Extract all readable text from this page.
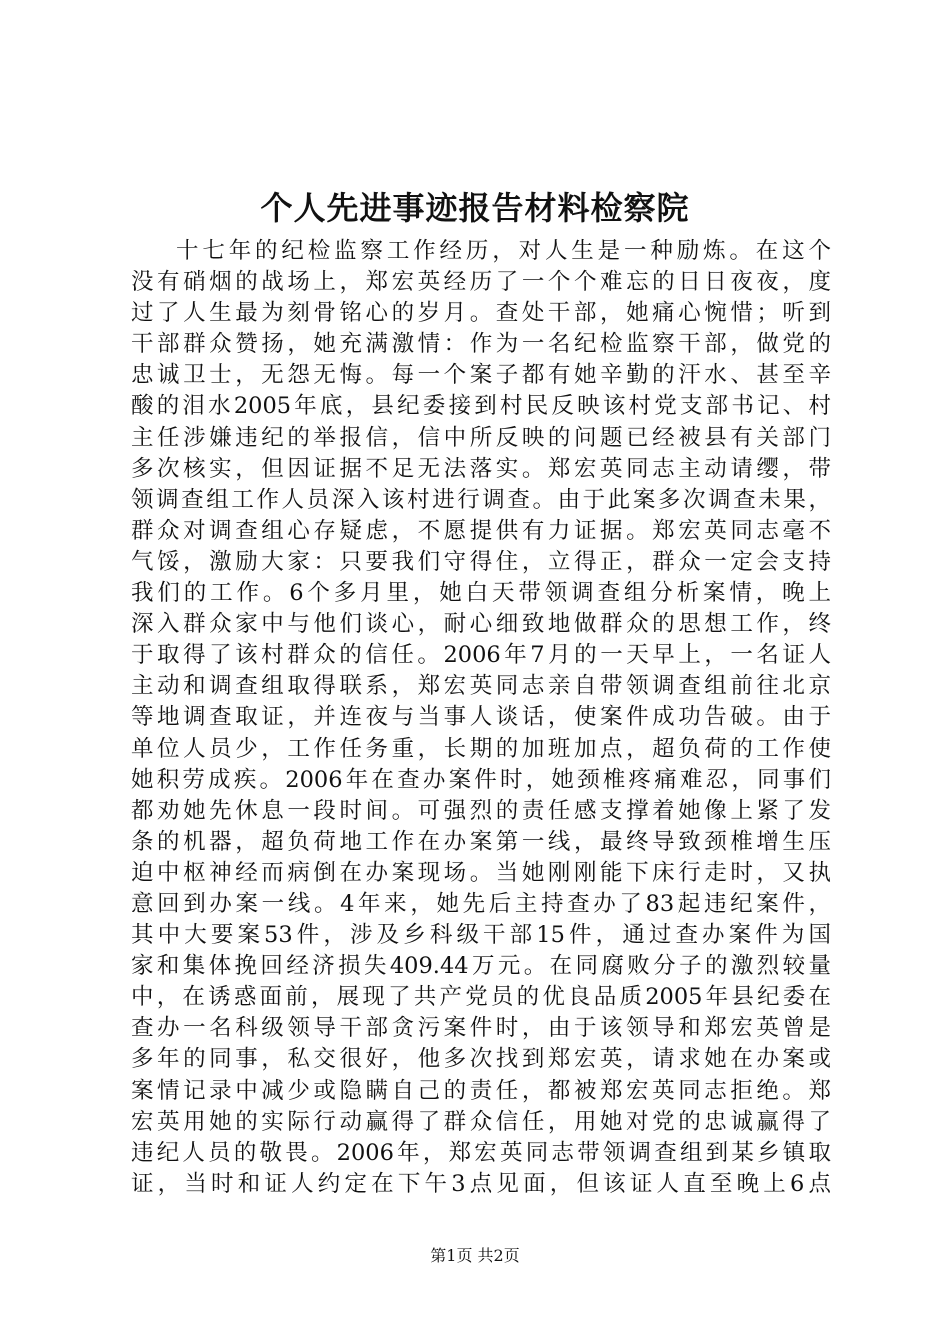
个人先进事迹报告材料检察院
十七年的纪检监察工作经历，对人生是一种励炼。在这个
没有硝烟的战场上，郑宏英经历了一个个难忘的日日夜夜，度
过了人生最为刻骨铭心的岁月。查处干部，她痛心惋惜；听到
干部群众赞扬，她充满激情：作为一名纪检监察干部，做党的
忠诚卫士，无怨无悔。每一个案子都有她辛勤的汗水、甚至辛
酸的泪水2005年底，县纪委接到村民反映该村党支部书记、村
主任涉嫌违纪的举报信，信中所反映的问题已经被县有关部门
多次核实，但因证据不足无法落实。郑宏英同志主动请缨，带
领调查组工作人员深入该村进行调查。由于此案多次调查未果，
群众对调查组心存疑虑，不愿提供有力证据。郑宏英同志毫不
气馁，激励大家：只要我们守得住，立得正，群众一定会支持
我们的工作。6个多月里，她白天带领调查组分析案情，晚上
深入群众家中与他们谈心，耐心细致地做群众的思想工作，终
于取得了该村群众的信任。2006年7月的一天早上，一名证人
主动和调查组取得联系，郑宏英同志亲自带领调查组前往北京
等地调查取证，并连夜与当事人谈话，使案件成功告破。由于
单位人员少，工作任务重，长期的加班加点，超负荷的工作使
她积劳成疾。2006年在查办案件时，她颈椎疼痛难忍，同事们
都劝她先休息一段时间。可强烈的责任感支撑着她像上紧了发
条的机器，超负荷地工作在办案第一线，最终导致颈椎增生压
迫中枢神经而病倒在办案现场。当她刚刚能下床行走时，又执
意回到办案一线。4年来，她先后主持查办了83起违纪案件，
其中大要案53件，涉及乡科级干部15件，通过查办案件为国
家和集体挽回经济损失409.44万元。在同腐败分子的激烈较量
中，在诱惑面前，展现了共产党员的优良品质2005年县纪委在
查办一名科级领导干部贪污案件时，由于该领导和郑宏英曾是
多年的同事，私交很好，他多次找到郑宏英，请求她在办案或
案情记录中减少或隐瞒自己的责任，都被郑宏英同志拒绝。郑
宏英用她的实际行动赢得了群众信任，用她对党的忠诚赢得了
违纪人员的敬畏。2006年，郑宏英同志带领调查组到某乡镇取
证，当时和证人约定在下午3点见面，但该证人直至晚上6点
第1页 共2页
